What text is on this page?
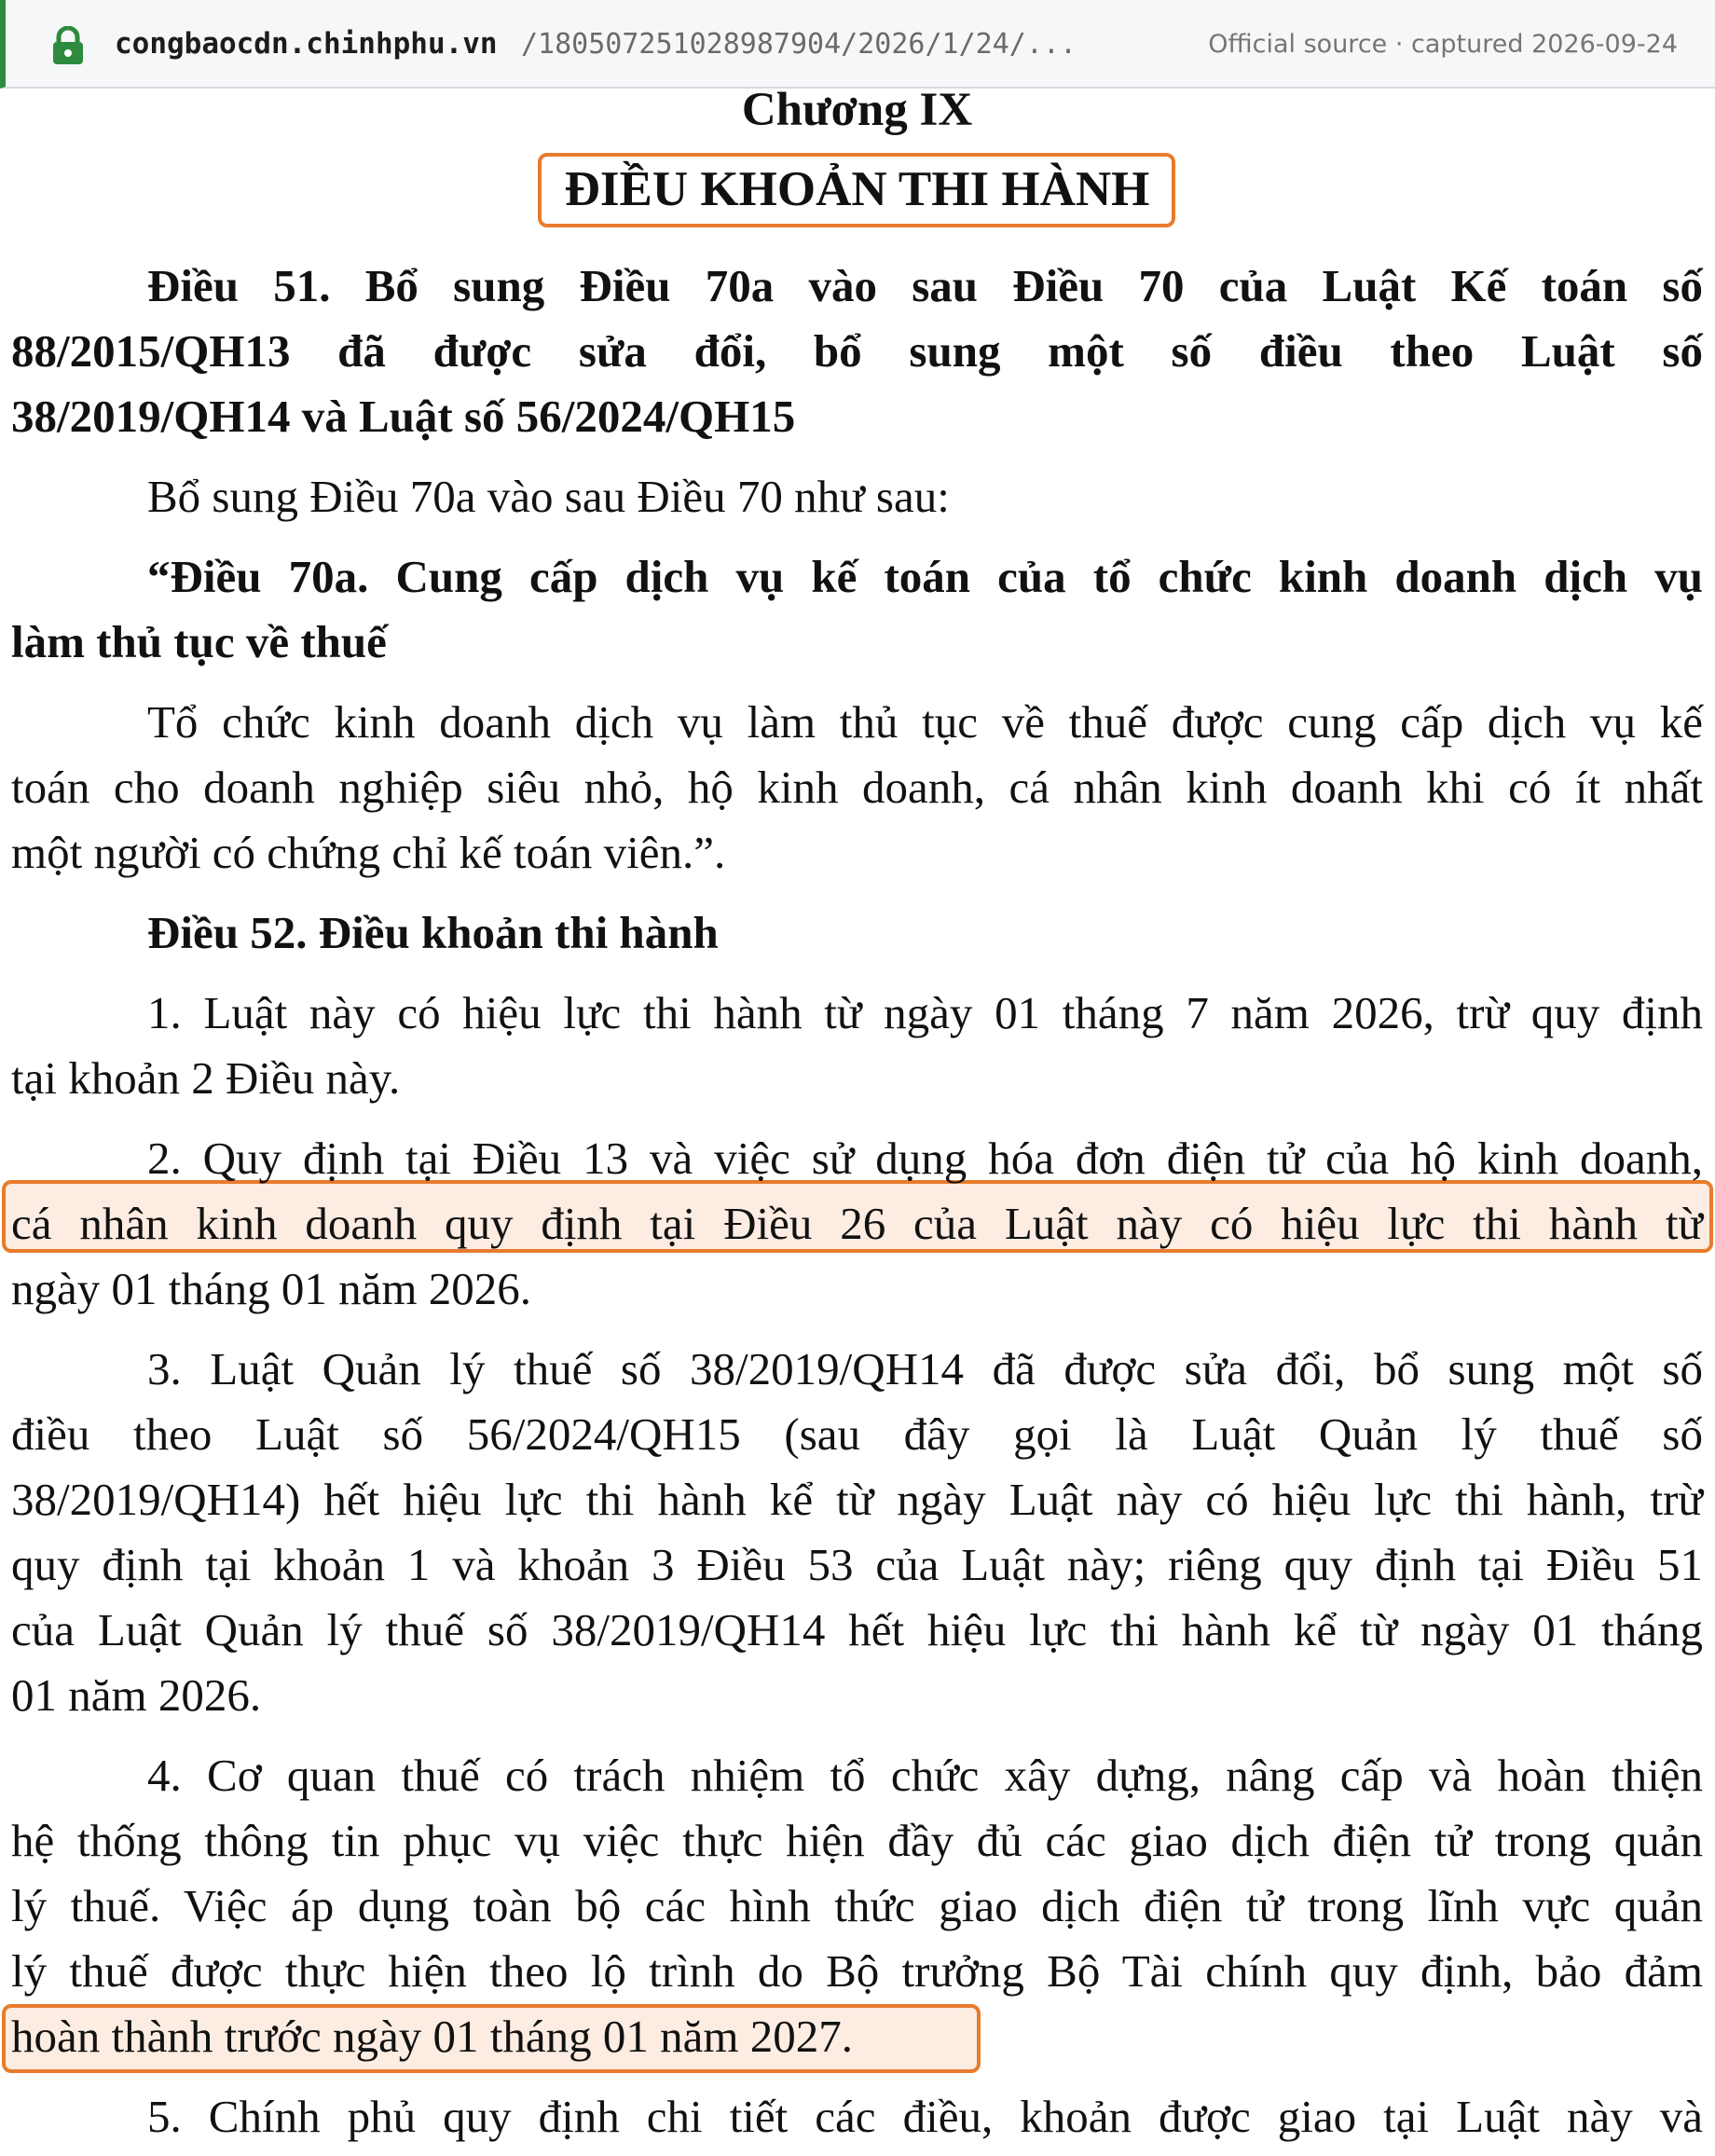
congbaocdn.chinhphu.vn /180507251028987904/2026/1/24/...	Official source · captured 2026-09-24
Chương IX
ĐIỀU KHOẢN THI HÀNH
Điều 51. Bổ sung Điều 70a vào sau Điều 70 của Luật Kế toán số
88/2015/QH13 đã được sửa đổi, bổ sung một số điều theo Luật số
38/2019/QH14 và Luật số 56/2024/QH15
Bổ sung Điều 70a vào sau Điều 70 như sau:
“Điều 70a. Cung cấp dịch vụ kế toán của tổ chức kinh doanh dịch vụ
làm thủ tục về thuế
Tổ chức kinh doanh dịch vụ làm thủ tục về thuế được cung cấp dịch vụ kế
toán cho doanh nghiệp siêu nhỏ, hộ kinh doanh, cá nhân kinh doanh khi có ít nhất
một người có chứng chỉ kế toán viên.”.
Điều 52. Điều khoản thi hành
1. Luật này có hiệu lực thi hành từ ngày 01 tháng 7 năm 2026, trừ quy định
tại khoản 2 Điều này.
2. Quy định tại Điều 13 và việc sử dụng hóa đơn điện tử của hộ kinh doanh,
cá nhân kinh doanh quy định tại Điều 26 của Luật này có hiệu lực thi hành từ
ngày 01 tháng 01 năm 2026.
3. Luật Quản lý thuế số 38/2019/QH14 đã được sửa đổi, bổ sung một số
điều theo Luật số 56/2024/QH15 (sau đây gọi là Luật Quản lý thuế số
38/2019/QH14) hết hiệu lực thi hành kể từ ngày Luật này có hiệu lực thi hành, trừ
quy định tại khoản 1 và khoản 3 Điều 53 của Luật này; riêng quy định tại Điều 51
của Luật Quản lý thuế số 38/2019/QH14 hết hiệu lực thi hành kể từ ngày 01 tháng
01 năm 2026.
4. Cơ quan thuế có trách nhiệm tổ chức xây dựng, nâng cấp và hoàn thiện
hệ thống thông tin phục vụ việc thực hiện đầy đủ các giao dịch điện tử trong quản
lý thuế. Việc áp dụng toàn bộ các hình thức giao dịch điện tử trong lĩnh vực quản
lý thuế được thực hiện theo lộ trình do Bộ trưởng Bộ Tài chính quy định, bảo đảm
hoàn thành trước ngày 01 tháng 01 năm 2027.
5. Chính phủ quy định chi tiết các điều, khoản được giao tại Luật này và
